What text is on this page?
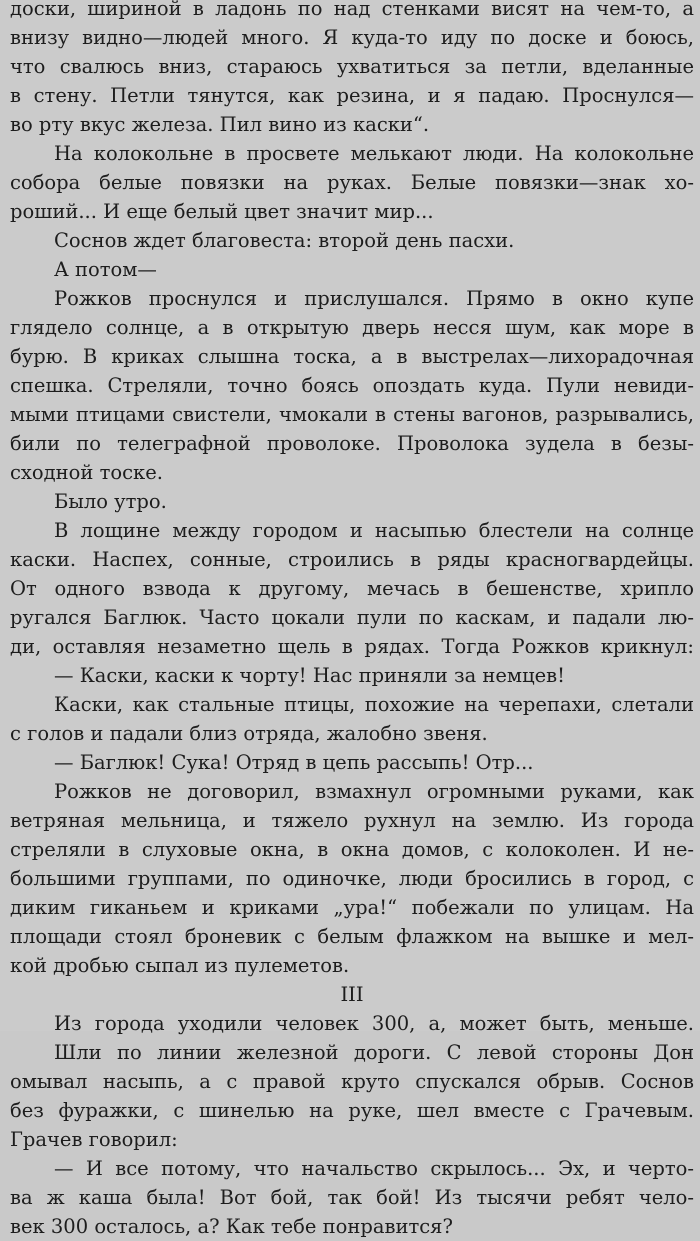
доски, шириной в ладонь по над стенками висят на чем-то, а
внизу видно—людей много. Я куда-то иду по доске и боюсь,
что свалюсь вниз, стараюсь ухватиться за петли, вделанные
в стену. Петли тянутся, как резина, и я падаю. Проснулся—
во рту вкус железа. Пил вино из каски“.
На колокольне в просвете мелькают люди. На колокольне
собора белые повязки на руках. Белые повязки—знак хо-
роший... И еще белый цвет значит мир...
Соснов ждет благовеста: второй день пасхи.
А потом—
Рожков проснулся и прислушался. Прямо в окно купе
глядело солнце, а в открытую дверь несся шум, как море в
бурю. В криках слышна тоска, а в выстрелах—лихорадочная
спешка. Стреляли, точно боясь опоздать куда. Пули невиди-
мыми птицами свистели, чмокали в стены вагонов, разрывались,
били по телеграфной проволоке. Проволока зудела в безы-
сходной тоске.
Было утро.
В лощине между городом и насыпью блестели на солнце
каски. Наспех, сонные, строились в ряды красногвардейцы.
От одного взвода к другому, мечась в бешенстве, хрипло
ругался Баглюк. Часто цокали пули по каскам, и падали лю-
ди, оставляя незаметно щель в рядах. Тогда Рожков крикнул:
— Каски, каски к чорту! Нас приняли за немцев!
Каски, как стальные птицы, похожие на черепахи, слетали
с голов и падали близ отряда, жалобно звеня.
— Баглюк! Сука! Отряд в цепь рассыпь! Отр...
Рожков не договорил, взмахнул огромными руками, как
ветряная мельница, и тяжело рухнул на землю. Из города
стреляли в слуховые окна, в окна домов, с колоколен. И не-
большими группами, по одиночке, люди бросились в город, с
диким гиканьем и криками „ура!“ побежали по улицам. На
площади стоял броневик с белым флажком на вышке и мел-
кой дробью сыпал из пулеметов.
III
Из города уходили человек 300, а, может быть, меньше.
Шли по линии железной дороги. С левой стороны Дон
омывал насыпь, а с правой круто спускался обрыв. Соснов
без фуражки, с шинелью на руке, шел вместе с Грачевым.
Грачев говорил:
— И все потому, что начальство скрылось... Эх, и черто-
ва ж каша была! Вот бой, так бой! Из тысячи ребят чело-
век 300 осталось, а? Как тебе понравится?
